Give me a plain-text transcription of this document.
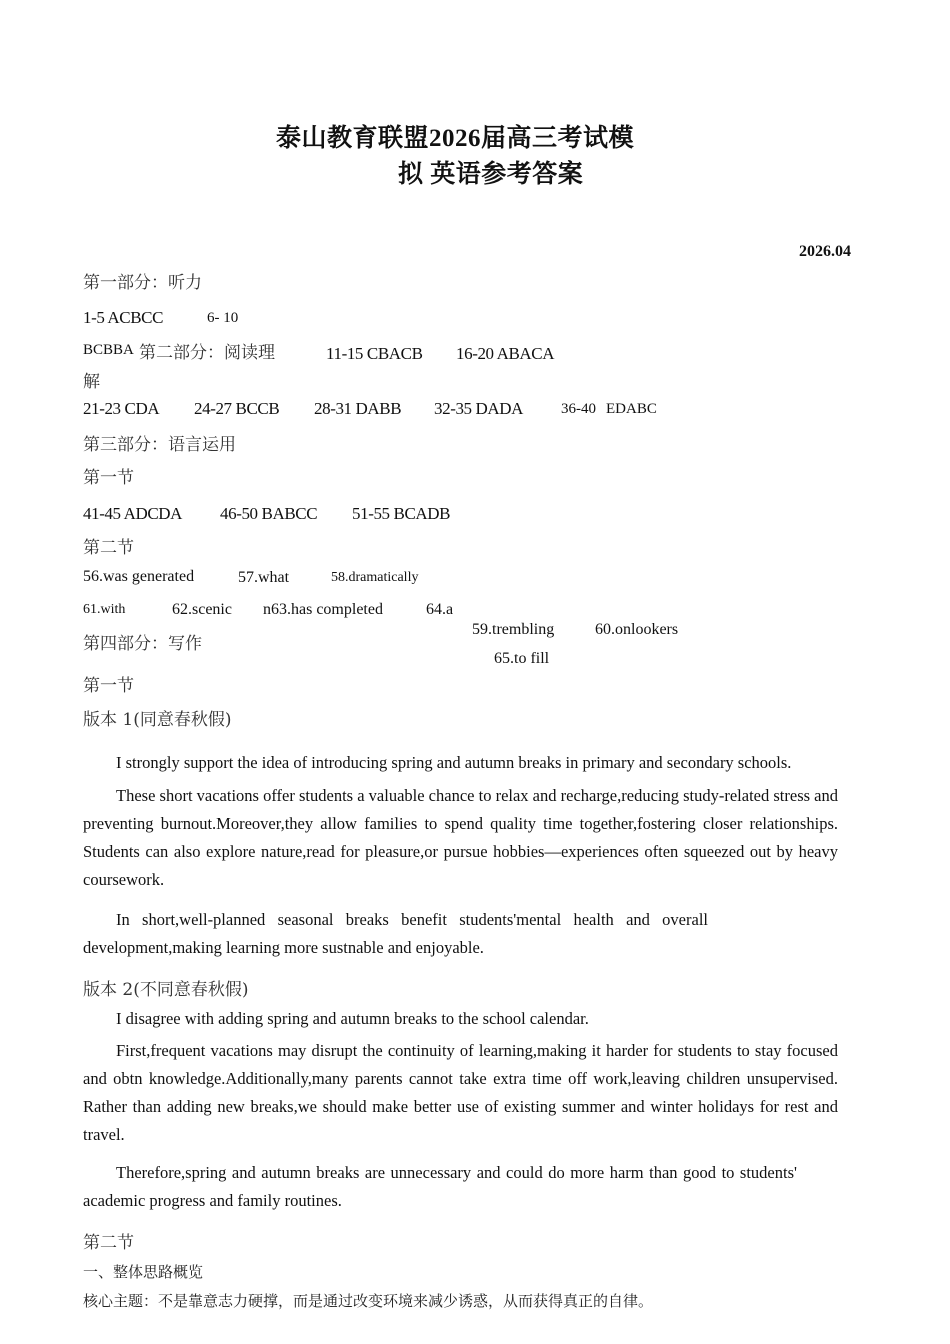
泰山教育联盟2026届高三考试模
拟 英语参考答案
2026.04
第一部分：听力
1-5 ACBCC	6- 10
BCBBA 第二部分：阅读理
解
11-15 CBACB 16-20 ABACA
21-23 CDA 24-27 BCCB 28-31 DABB 32-35 DADA	36-40 EDABC
第三部分：语言运用
第一节
41-45 ADCDA 46-50 BABCC 51-55 BCADB
第二节
56.was generated	57.what	58.dramatically
59.trembling	60.onlookers
61.with	62.scenic n63.has completed	64.a
65.to fill
第四部分：写作
第一节
版本 1(同意春秋假)

I strongly support the idea of introducing spring and autumn breaks in primary and secondary schools.

These short vacations offer students a valuable chance to relax and recharge,reducing study-related stress and preventing burnout.Moreover,they allow families to spend quality time together,fostering closer relationships. Students can also explore nature,read for pleasure,or pursue hobbies—experiences often squeezed out by heavy coursework.

In short,well-planned seasonal breaks benefit students'mental health and overall development,making learning more sustnable and enjoyable.

版本 2(不同意春秋假)

I disagree with adding spring and autumn breaks to the school calendar.

First,frequent vacations may disrupt the continuity of learning,making it harder for students to stay focused and obtn knowledge.Additionally,many parents cannot take extra time off work,leaving children unsupervised. Rather than adding new breaks,we should make better use of existing summer and winter holidays for rest and travel.

Therefore,spring and autumn breaks are unnecessary and could do more harm than good to students' academic progress and family routines.

第二节
一、整体思路概览
核心主题：不是靠意志力硬撑，而是通过改变环境来减少诱惑，从而获得真正的自律。
